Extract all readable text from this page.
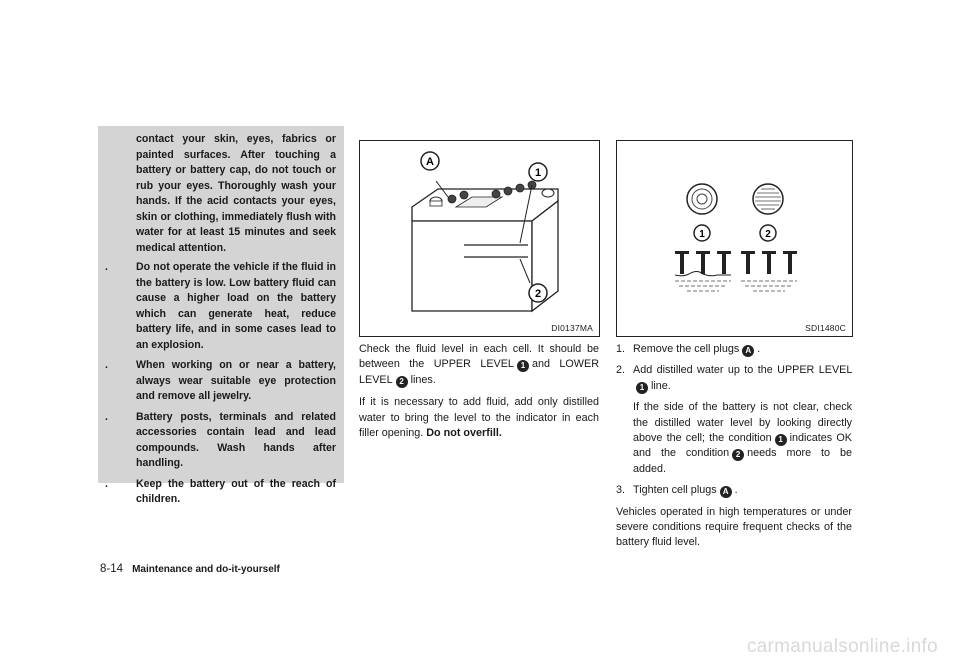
contact your skin, eyes, fabrics or painted surfaces. After touching a battery or battery cap, do not touch or rub your eyes. Thoroughly wash your hands. If the acid contacts your eyes, skin or clothing, immediately flush with water for at least 15 minutes and seek medical attention.
.	Do not operate the vehicle if the fluid in the battery is low. Low battery fluid can cause a higher load on the battery which can generate heat, reduce battery life, and in some cases lead to an explosion.
.	When working on or near a battery, always wear suitable eye protection and remove all jewelry.
.	Battery posts, terminals and related accessories contain lead and lead compounds. Wash hands after handling.
.	Keep the battery out of the reach of children.
A
1
2
DI0137MA
1	2
SDI1480C

Check the fluid level in each cell. It should be between the UPPER LEVEL 1 and LOWER LEVEL 2 lines.

If it is necessary to add fluid, add only distilled water to bring the level to the indicator in each filler opening. Do not overfill.

1. Remove the cell plugs A .
2. Add distilled water up to the UPPER LEVEL 1 line.

If the side of the battery is not clear, check the distilled water level by looking directly above the cell; the condition 1 indicates OK and the condition 2 needs more to be added.

3. Tighten cell plugs A .

Vehicles operated in high temperatures or under severe conditions require frequent checks of the battery fluid level.

8-14 Maintenance and do-it-yourself
carmanualsonline.info
